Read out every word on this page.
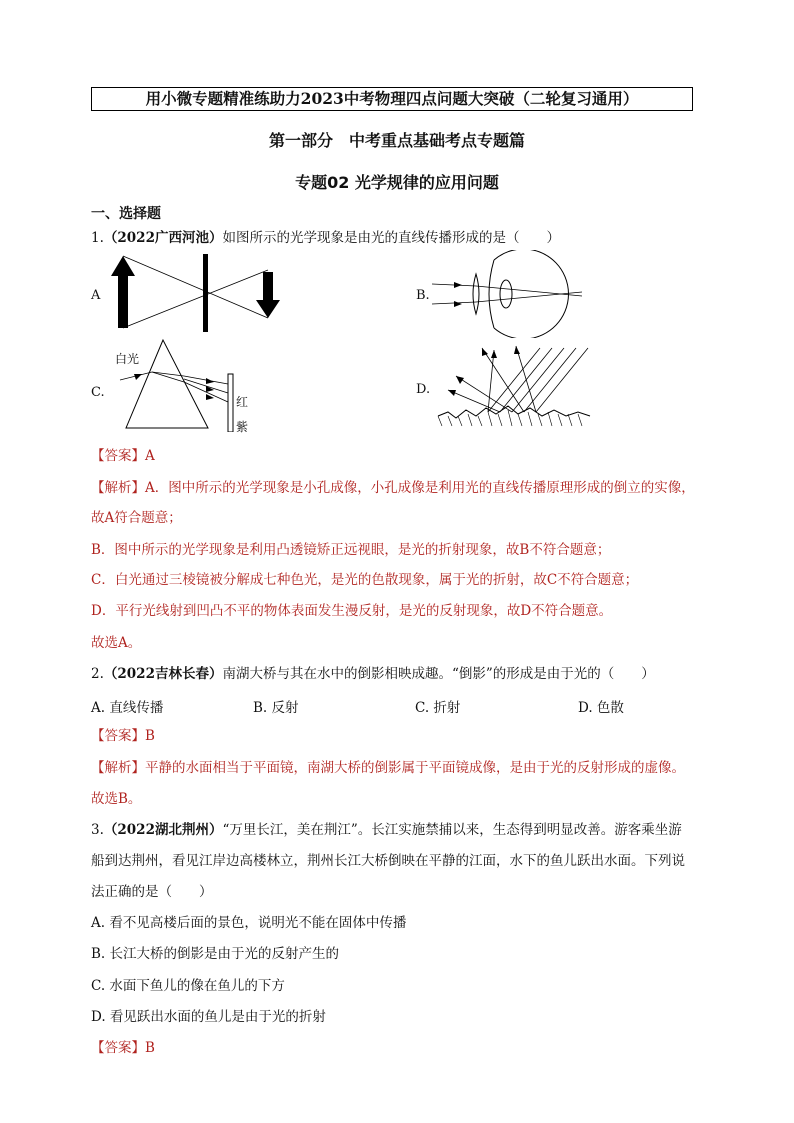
用小微专题精准练助力2023中考物理四点问题大突破（二轮复习通用）
第一部分　中考重点基础考点专题篇
专题02 光学规律的应用问题
一、选择题
1.（2022广西河池）如图所示的光学现象是由光的直线传播形成的是（　　）
A	B.
白光
C.
红
紫
D.
【答案】A
【解析】A．图中所示的光学现象是小孔成像，小孔成像是利用光的直线传播原理形成的倒立的实像，
故A符合题意；
B．图中所示的光学现象是利用凸透镜矫正远视眼，是光的折射现象，故B不符合题意；
C．白光通过三棱镜被分解成七种色光，是光的色散现象，属于光的折射，故C不符合题意；
D．平行光线射到凹凸不平的物体表面发生漫反射，是光的反射现象，故D不符合题意。
故选A。
2.（2022吉林长春）南湖大桥与其在水中的倒影相映成趣。“倒影”的形成是由于光的（　　）
A. 直线传播	B. 反射	C. 折射	D. 色散
【答案】B
【解析】平静的水面相当于平面镜，南湖大桥的倒影属于平面镜成像，是由于光的反射形成的虚像。
故选B。
3.（2022湖北荆州）“万里长江，美在荆江”。长江实施禁捕以来，生态得到明显改善。游客乘坐游
船到达荆州，看见江岸边高楼林立，荆州长江大桥倒映在平静的江面，水下的鱼儿跃出水面。下列说
法正确的是（　　）
A. 看不见高楼后面的景色，说明光不能在固体中传播
B. 长江大桥的倒影是由于光的反射产生的
C. 水面下鱼儿的像在鱼儿的下方
D. 看见跃出水面的鱼儿是由于光的折射
【答案】B
